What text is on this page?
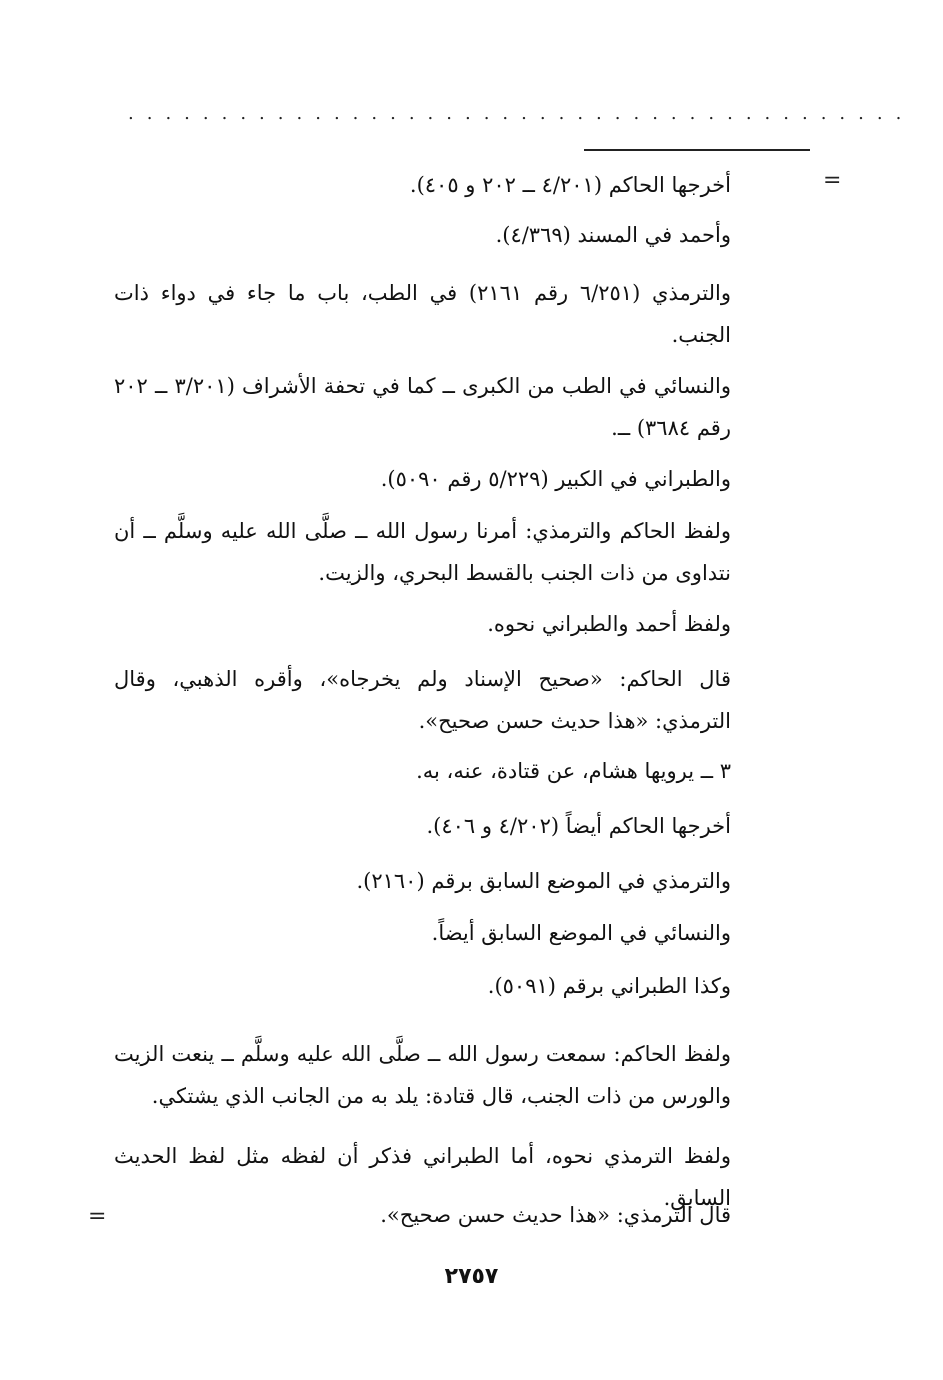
..........................................
=

أخرجها الحاكم (٤/٢٠١ ــ ٢٠٢ و ٤٠٥).

وأحمد في المسند (٤/٣٦٩).

والترمذي (٦/٢٥١ رقم ٢١٦١) في الطب، باب ما جاء في دواء ذات الجنب.

والنسائي في الطب من الكبرى ــ كما في تحفة الأشراف (٣/٢٠١ ــ ٢٠٢ رقم ٣٦٨٤) ــ.

والطبراني في الكبير (٥/٢٢٩ رقم ٥٠٩٠).

ولفظ الحاكم والترمذي: أمرنا رسول الله ــ صلَّى الله عليه وسلَّم ــ أن نتداوى من ذات الجنب بالقسط البحري، والزيت.

ولفظ أحمد والطبراني نحوه.

قال الحاكم: «صحيح الإسناد ولم يخرجاه»، وأقره الذهبي، وقال الترمذي: «هذا حديث حسن صحيح».

٣ ــ يرويها هشام، عن قتادة، عنه، به.

أخرجها الحاكم أيضاً (٤/٢٠٢ و ٤٠٦).

والترمذي في الموضع السابق برقم (٢١٦٠).

والنسائي في الموضع السابق أيضاً.

وكذا الطبراني برقم (٥٠٩١).

ولفظ الحاكم: سمعت رسول الله ــ صلَّى الله عليه وسلَّم ــ ينعت الزيت والورس من ذات الجنب، قال قتادة: يلد به من الجانب الذي يشتكي.

ولفظ الترمذي نحوه، أما الطبراني فذكر أن لفظه مثل لفظ الحديث السابق.

قال الترمذي: «هذا حديث حسن صحيح».

=
٢٧٥٧
